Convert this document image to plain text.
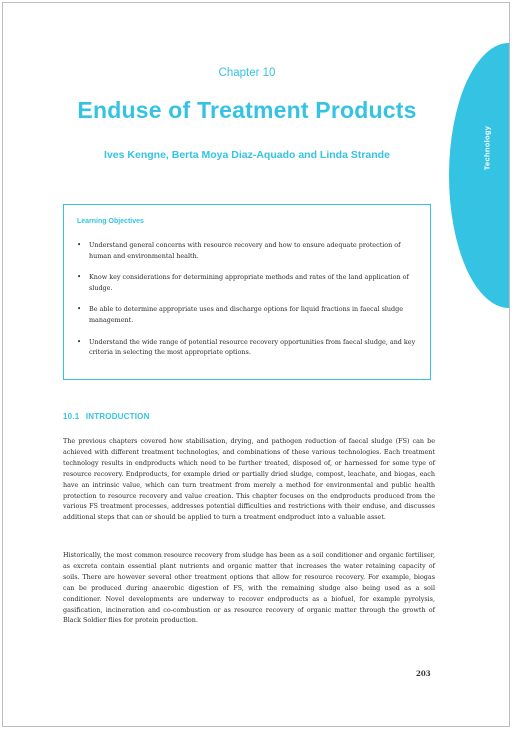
Technology
Chapter 10
Enduse of Treatment Products
Ives Kengne, Berta Moya Diaz-Aquado and Linda Strande
Learning Objectives
• Understand general concerns with resource recovery and how to ensure adequate protection of human and environmental health.
• Know key considerations for determining appropriate methods and rates of the land application of sludge.
• Be able to determine appropriate uses and discharge options for liquid fractions in faecal sludge management.
• Understand the wide range of potential resource recovery opportunities from faecal sludge, and key criteria in selecting the most appropriate options.
10.1 INTRODUCTION

The previous chapters covered how stabilisation, drying, and pathogen reduction of faecal sludge (FS) can be achieved with different treatment technologies, and combinations of these various technologies. Each treatment technology results in endproducts which need to be further treated, disposed of, or harnessed for some type of resource recovery. Endproducts, for example dried or partially dried sludge, compost, leachate, and biogas, each have an intrinsic value, which can turn treatment from merely a method for environmental and public health protection to resource recovery and value creation. This chapter focuses on the endproducts produced from the various FS treatment processes, addresses potential difficulties and restrictions with their enduse, and discusses additional steps that can or should be applied to turn a treatment endproduct into a valuable asset.

Historically, the most common resource recovery from sludge has been as a soil conditioner and organic fertiliser, as excreta contain essential plant nutrients and organic matter that increases the water retaining capacity of soils. There are however several other treatment options that allow for resource recovery. For example, biogas can be produced during anaerobic digestion of FS, with the remaining sludge also being used as a soil conditioner. Novel developments are underway to recover endproducts as a biofuel, for example pyrolysis, gasification, incineration and co-combustion or as resource recovery of organic matter through the growth of Black Soldier flies for protein production.

203
